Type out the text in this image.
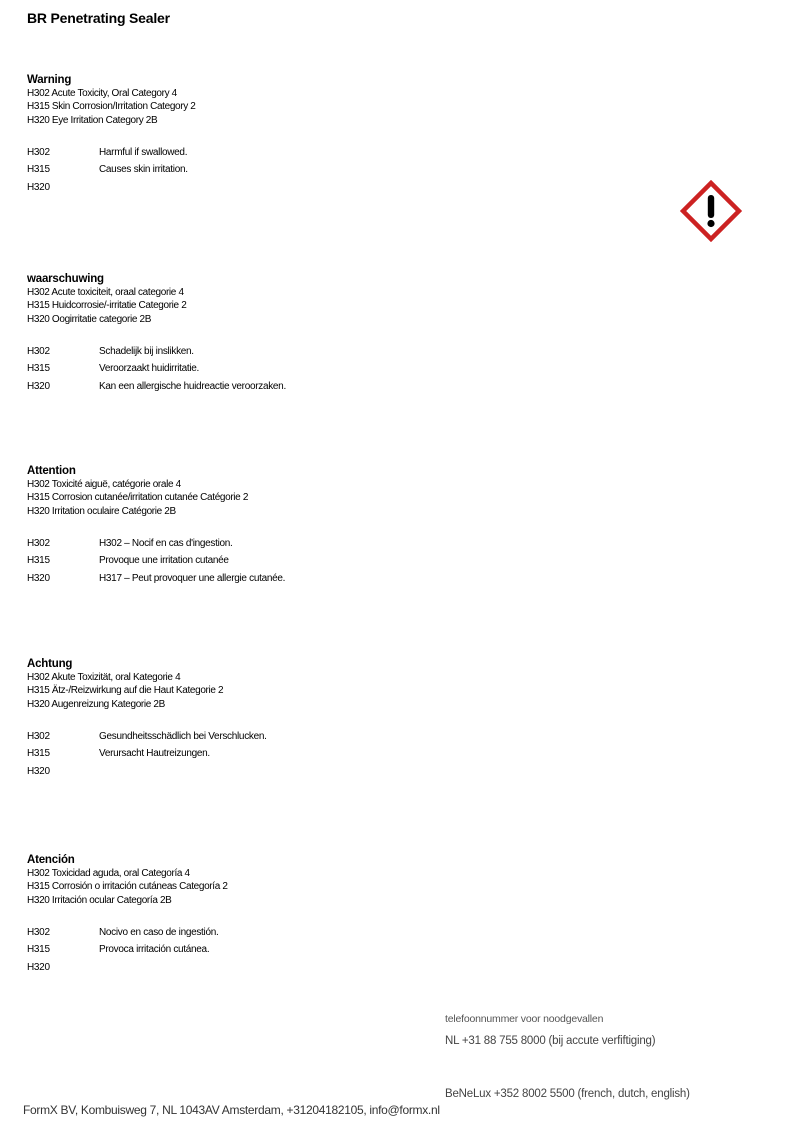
BR Penetrating Sealer
Warning
H302 Acute Toxicity, Oral Category 4
H315 Skin Corrosion/Irritation Category 2
H320 Eye Irritation Category 2B
H302	Harmful if swallowed.
H315	Causes skin irritation.
H320
waarschuwing
H302 Acute toxiciteit, oraal categorie 4
H315 Huidcorrosie/-irritatie Categorie 2
H320 Oogirritatie categorie 2B
H302	Schadelijk bij inslikken.
H315	Veroorzaakt huidirritatie.
H320	Kan een allergische huidreactie veroorzaken.
Attention
H302 Toxicité aiguë, catégorie orale 4
H315 Corrosion cutanée/irritation cutanée Catégorie 2
H320 Irritation oculaire Catégorie 2B
H302	H302 – Nocif en cas d'ingestion.
H315	Provoque une irritation cutanée
H320	H317 – Peut provoquer une allergie cutanée.
Achtung
H302 Akute Toxizität, oral Kategorie 4
H315 Ätz-/Reizwirkung auf die Haut Kategorie 2
H320 Augenreizung Kategorie 2B
H302	Gesundheitsschädlich bei Verschlucken.
H315	Verursacht Hautreizungen.
H320
Atención
H302 Toxicidad aguda, oral Categoría 4
H315 Corrosión o irritación cutáneas Categoría 2
H320 Irritación ocular Categoría 2B
H302	Nocivo en caso de ingestión.
H315	Provoca irritación cutánea.
H320
telefoonnummer voor noodgevallen
NL +31 88 755 8000 (bij accute verfiftiging)
BeNeLux +352 8002 5500 (french, dutch, english)
FormX BV, Kombuisweg 7, NL 1043AV Amsterdam, +31204182105, info@formx.nl
